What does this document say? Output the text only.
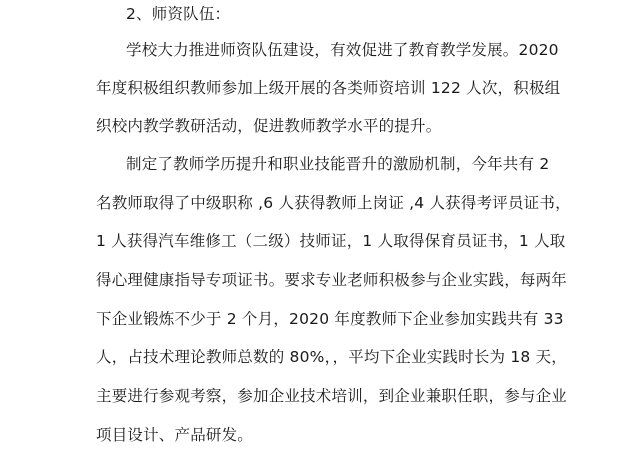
2、师资队伍：
学校大力推进师资队伍建设，有效促进了教育教学发展。2020
年度积极组织教师参加上级开展的各类师资培训 122 人次，积极组
织校内教学教研活动，促进教师教学水平的提升。
制定了教师学历提升和职业技能晋升的激励机制，今年共有 2
名教师取得了中级职称 ,6 人获得教师上岗证 ,4 人获得考评员证书，
1 人获得汽车维修工（二级）技师证，1 人取得保育员证书，1 人取
得心理健康指导专项证书。要求专业老师积极参与企业实践，每两年
下企业锻炼不少于 2 个月，2020 年度教师下企业参加实践共有 33
人，占技术理论教师总数的 80%，，平均下企业实践时长为 18 天，
主要进行参观考察，参加企业技术培训，到企业兼职任职，参与企业
项目设计、产品研发。
